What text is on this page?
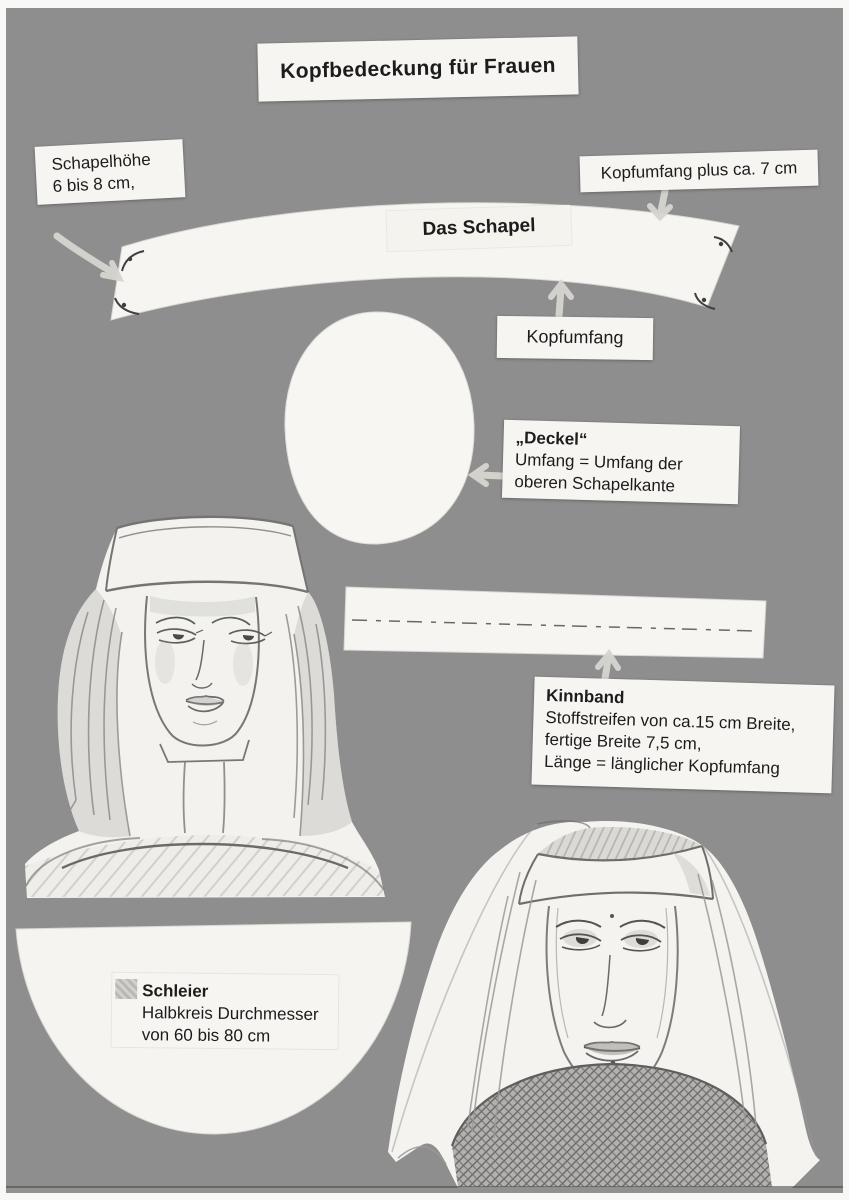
Kopfbedeckung für Frauen
Schapelhöhe
6 bis 8 cm,
Kopfumfang plus ca. 7 cm
Das Schapel
Kopfumfang
„Deckel“
Umfang = Umfang der
oberen Schapelkante
Kinnband
Stoffstreifen von ca.15 cm Breite,
fertige Breite 7,5 cm,
Länge = länglicher Kopfumfang
Schleier
Halbkreis Durchmesser
von 60 bis 80 cm
